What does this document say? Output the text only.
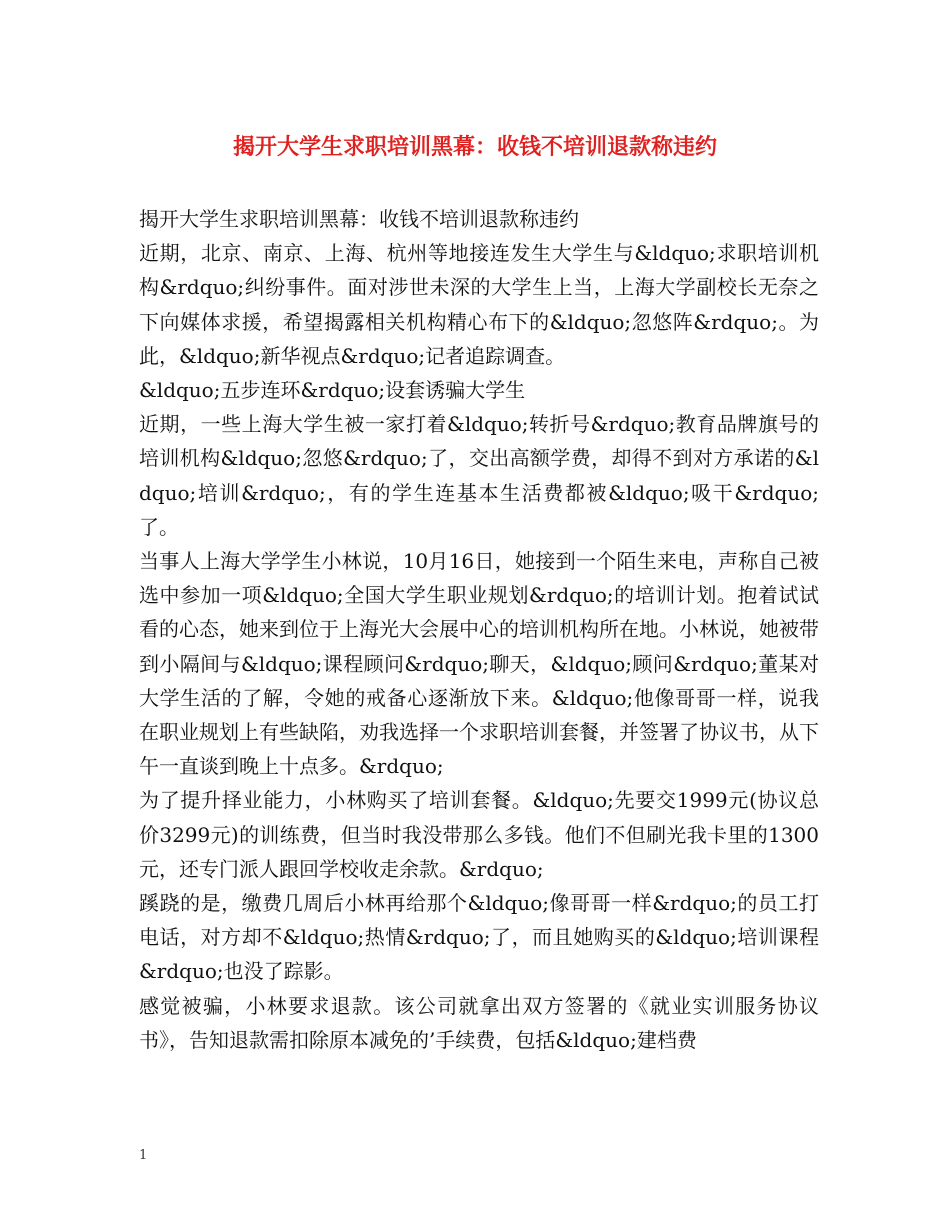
揭开大学生求职培训黑幕：收钱不培训退款称违约

揭开大学生求职培训黑幕：收钱不培训退款称违约

近期，北京、南京、上海、杭州等地接连发生大学生与&ldquo;求职培训机构&rdquo;纠纷事件。面对涉世未深的大学生上当，上海大学副校长无奈之下向媒体求援，希望揭露相关机构精心布下的&ldquo;忽悠阵&rdquo;。为此，&ldquo;新华视点&rdquo;记者追踪调查。

&ldquo;五步连环&rdquo;设套诱骗大学生

近期，一些上海大学生被一家打着&ldquo;转折号&rdquo;教育品牌旗号的培训机构&ldquo;忽悠&rdquo;了，交出高额学费，却得不到对方承诺的&ldquo;培训&rdquo;，有的学生连基本生活费都被&ldquo;吸干&rdquo;了。

当事人上海大学学生小林说，10月16日，她接到一个陌生来电，声称自己被选中参加一项&ldquo;全国大学生职业规划&rdquo;的培训计划。抱着试试看的心态，她来到位于上海光大会展中心的培训机构所在地。小林说，她被带到小隔间与&ldquo;课程顾问&rdquo;聊天，&ldquo;顾问&rdquo;董某对大学生活的了解，令她的戒备心逐渐放下来。&ldquo;他像哥哥一样，说我在职业规划上有些缺陷，劝我选择一个求职培训套餐，并签署了协议书，从下午一直谈到晚上十点多。&rdquo;

为了提升择业能力，小林购买了培训套餐。&ldquo;先要交1999元(协议总价3299元)的训练费，但当时我没带那么多钱。他们不但刷光我卡里的1300元，还专门派人跟回学校收走余款。&rdquo;

蹊跷的是，缴费几周后小林再给那个&ldquo;像哥哥一样&rdquo;的员工打电话，对方却不&ldquo;热情&rdquo;了，而且她购买的&ldquo;培训课程&rdquo;也没了踪影。

感觉被骗，小林要求退款。该公司就拿出双方签署的《就业实训服务协议书》，告知退款需扣除原本减免的’手续费，包括&ldquo;建档费

1
